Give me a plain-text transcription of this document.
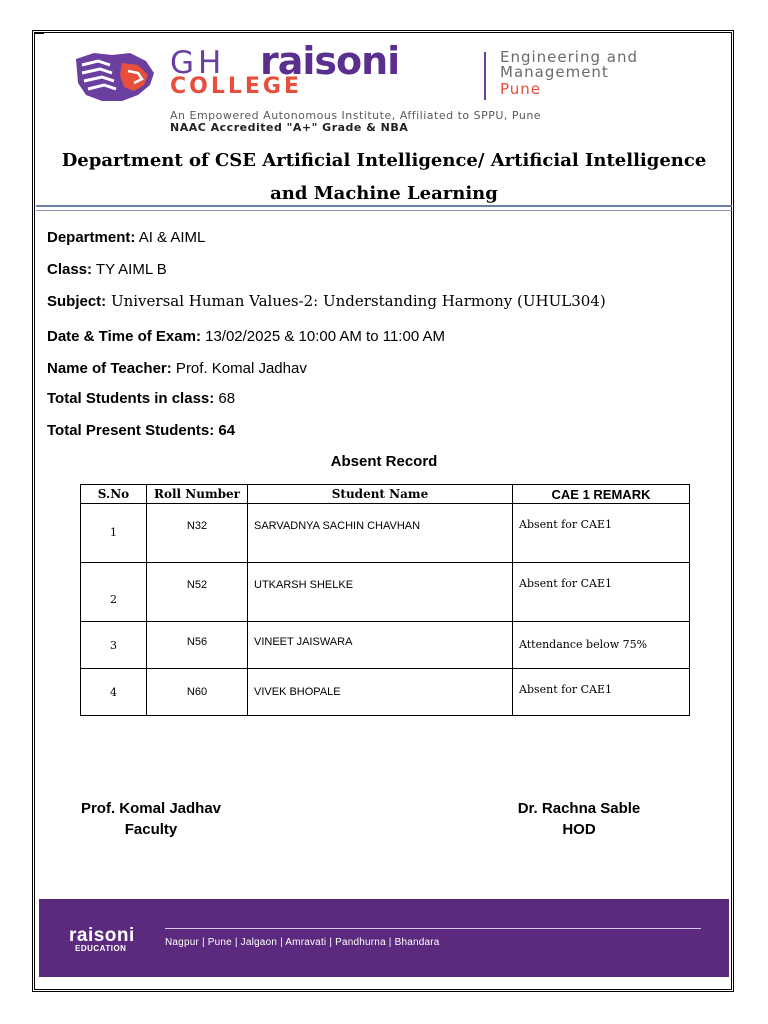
GH raisoni
COLLEGE
Engineering and
Management
Pune
An Empowered Autonomous Institute, Affiliated to SPPU, Pune
NAAC Accredited "A+" Grade & NBA
Department of CSE Artificial Intelligence/ Artificial Intelligence and Machine Learning
Department: AI & AIML
Class: TY AIML B
Subject: Universal Human Values-2: Understanding Harmony (UHUL304)
Date & Time of Exam: 13/02/2025 & 10:00 AM to 11:00 AM
Name of Teacher: Prof. Komal Jadhav
Total Students in class: 68
Total Present Students: 64
Absent Record
S.No	Roll Number	Student Name	CAE 1 REMARK
1	N32	SARVADNYA SACHIN CHAVHAN	Absent for CAE1
2	N52	UTKARSH SHELKE	Absent for CAE1
3	N56	VINEET JAISWARA	Attendance below 75%
4	N60	VIVEK BHOPALE	Absent for CAE1
Prof. Komal Jadhav
Faculty
Dr. Rachna Sable
HOD
raisoni
EDUCATION
Nagpur | Pune | Jalgaon | Amravati | Pandhurna | Bhandara
